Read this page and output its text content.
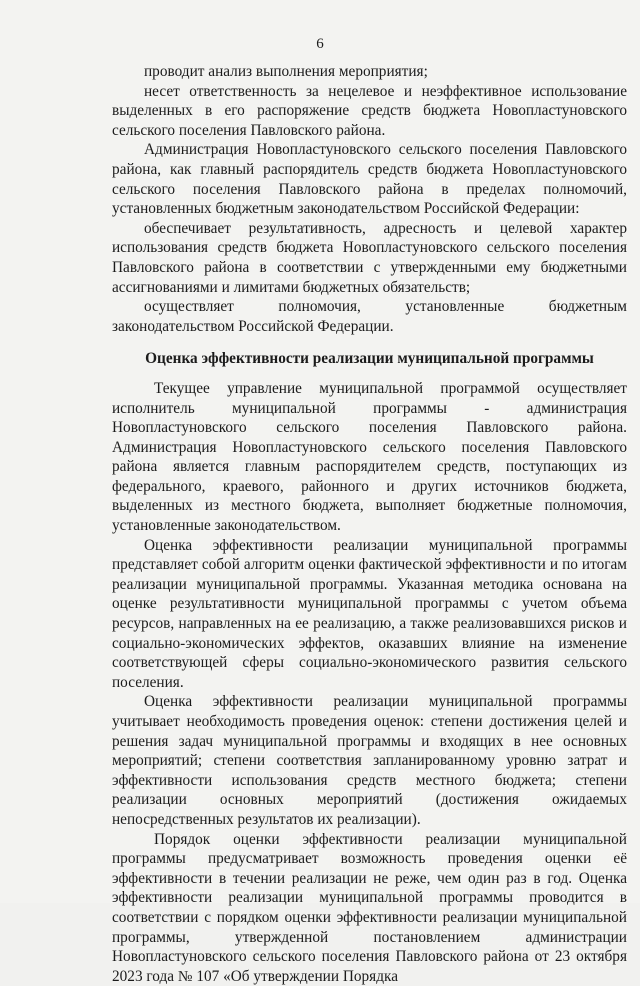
6

проводит анализ выполнения мероприятия;

несет ответственность за нецелевое и неэффективное использование выделенных в его распоряжение средств бюджета Новопластуновского сельского поселения Павловского района.

Администрация Новопластуновского сельского поселения Павловского района, как главный распорядитель средств бюджета Новопластуновского сельского поселения Павловского района в пределах полномочий, установленных бюджетным законодательством Российской Федерации:

обеспечивает результативность, адресность и целевой характер использования средств бюджета Новопластуновского сельского поселения Павловского района в соответствии с утвержденными ему бюджетными ассигнованиями и лимитами бюджетных обязательств;

осуществляет полномочия, установленные бюджетным законодательством Российской Федерации.

Оценка эффективности реализации муниципальной программы

Текущее управление муниципальной программой осуществляет исполнитель муниципальной программы - администрация Новопластуновского сельского поселения Павловского района. Администрация Новопластуновского сельского поселения Павловского района является главным распорядителем средств, поступающих из федерального, краевого, районного и других источников бюджета, выделенных из местного бюджета, выполняет бюджетные полномочия, установленные законодательством.

Оценка эффективности реализации муниципальной программы представляет собой алгоритм оценки фактической эффективности и по итогам реализации муниципальной программы. Указанная методика основана на оценке результативности муниципальной программы с учетом объема ресурсов, направленных на ее реализацию, а также реализовавшихся рисков и социально-экономических эффектов, оказавших влияние на изменение соответствующей сферы социально-экономического развития сельского поселения.

Оценка эффективности реализации муниципальной программы учитывает необходимость проведения оценок: степени достижения целей и решения задач муниципальной программы и входящих в нее основных мероприятий; степени соответствия запланированному уровню затрат и эффективности использования средств местного бюджета; степени реализации основных мероприятий (достижения ожидаемых непосредственных результатов их реализации).

Порядок оценки эффективности реализации муниципальной программы предусматривает возможность проведения оценки её эффективности в течении реализации не реже, чем один раз в год. Оценка эффективности реализации муниципальной программы проводится в соответствии с порядком оценки эффективности реализации муниципальной программы, утвержденной постановлением администрации Новопластуновского сельского поселения Павловского района от 23 октября 2023 года № 107 «Об утверждении Порядка
